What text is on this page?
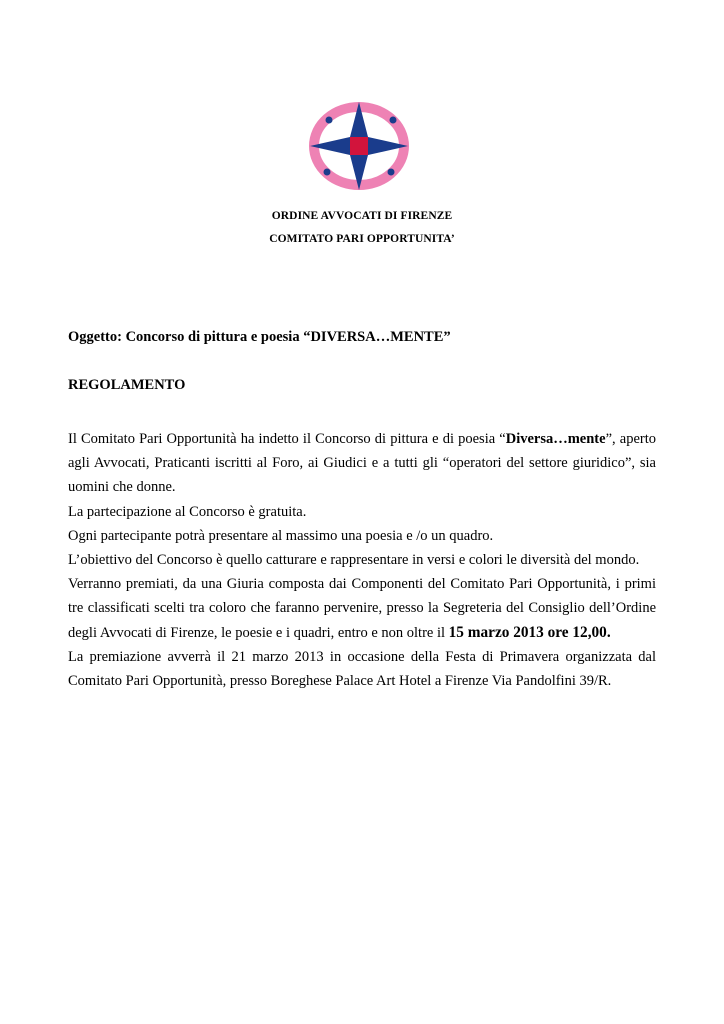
ORDINE AVVOCATI DI FIRENZE
COMITATO PARI OPPORTUNITA’
Oggetto: Concorso di pittura e poesia “DIVERSA…MENTE”
REGOLAMENTO

Il Comitato Pari Opportunità ha indetto il Concorso di pittura e di poesia “Diversa…mente”, aperto agli Avvocati, Praticanti iscritti al Foro, ai Giudici e a tutti gli “operatori del settore giuridico”, sia uomini che donne.

La partecipazione al Concorso è gratuita.

Ogni partecipante potrà presentare al massimo una poesia e /o un quadro.

L’obiettivo del Concorso è quello catturare e rappresentare in versi e colori le diversità del mondo.

Verranno premiati, da una Giuria composta dai Componenti del Comitato Pari Opportunità, i primi tre classificati scelti tra coloro che faranno pervenire, presso la Segreteria del Consiglio dell’Ordine degli Avvocati di Firenze, le poesie e i quadri, entro e non oltre il 15 marzo 2013 ore 12,00.

La premiazione avverrà il 21 marzo 2013 in occasione della Festa di Primavera organizzata dal Comitato Pari Opportunità, presso Boreghese Palace Art Hotel a Firenze Via Pandolfini 39/R.
